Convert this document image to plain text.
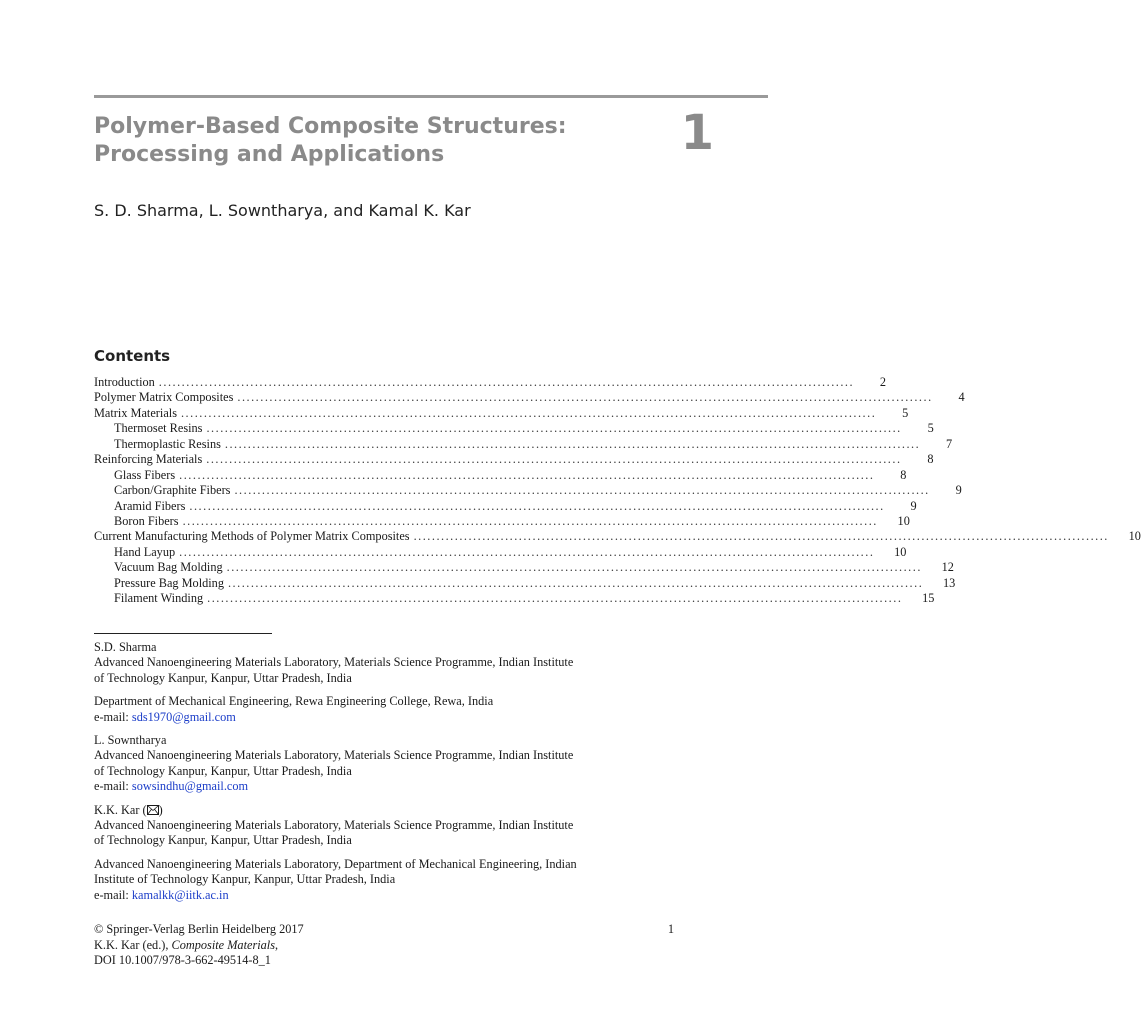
Polymer-Based Composite Structures:
Processing and Applications	1
S. D. Sharma, L. Sowntharya, and Kamal K. Kar
Contents
Introduction ........................................................................................................................................................	2
Polymer Matrix Composites ........................................................................................................................................................	4
Matrix Materials ........................................................................................................................................................	5
Thermoset Resins ........................................................................................................................................................	5
Thermoplastic Resins ........................................................................................................................................................	7
Reinforcing Materials ........................................................................................................................................................	8
Glass Fibers ........................................................................................................................................................	8
Carbon/Graphite Fibers ........................................................................................................................................................	9
Aramid Fibers ........................................................................................................................................................	9
Boron Fibers ........................................................................................................................................................	10
Current Manufacturing Methods of Polymer Matrix Composites ........................................................................................................................................................	10
Hand Layup ........................................................................................................................................................	10
Vacuum Bag Molding ........................................................................................................................................................	12
Pressure Bag Molding ........................................................................................................................................................	13
Filament Winding ........................................................................................................................................................	15

S.D. Sharma
Advanced Nanoengineering Materials Laboratory, Materials Science Programme, Indian Institute
of Technology Kanpur, Kanpur, Uttar Pradesh, India

Department of Mechanical Engineering, Rewa Engineering College, Rewa, India
e-mail: sds1970@gmail.com

L. Sowntharya
Advanced Nanoengineering Materials Laboratory, Materials Science Programme, Indian Institute
of Technology Kanpur, Kanpur, Uttar Pradesh, India
e-mail: sowsindhu@gmail.com

K.K. Kar ( )
Advanced Nanoengineering Materials Laboratory, Materials Science Programme, Indian Institute
of Technology Kanpur, Kanpur, Uttar Pradesh, India

Advanced Nanoengineering Materials Laboratory, Department of Mechanical Engineering, Indian
Institute of Technology Kanpur, Kanpur, Uttar Pradesh, India
e-mail: kamalkk@iitk.ac.in

© Springer-Verlag Berlin Heidelberg 2017
K.K. Kar (ed.), Composite Materials,
DOI 10.1007/978-3-662-49514-8_1
1
